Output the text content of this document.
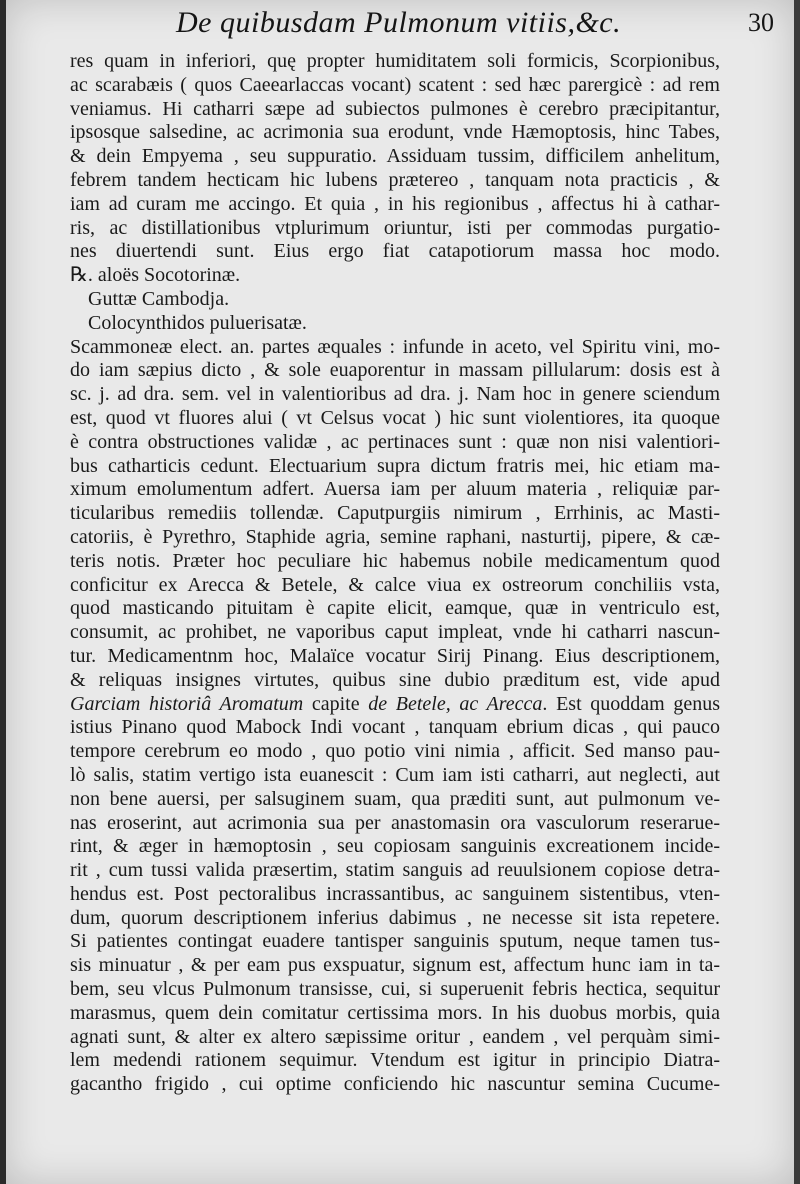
De quibusdam Pulmonum vitiis,&c.	30
res quam in inferiori, quę propter humiditatem soli formicis, Scorpionibus,
ac scarabæis ( quos Caeearlaccas vocant) scatent : sed hæc parergicè : ad rem
veniamus. Hi catharri sæpe ad subiectos pulmones è cerebro præcipitantur,
ipsosque salsedine, ac acrimonia sua erodunt, vnde Hæmoptosis, hinc Tabes,
& dein Empyema , seu suppuratio. Assiduam tussim, difficilem anhelitum,
febrem tandem hecticam hic lubens prætereo , tanquam nota practicis , &
iam ad curam me accingo. Et quia , in his regionibus , affectus hi à cathar-
ris, ac distillationibus vtplurimum oriuntur, isti per commodas purgatio-
nes diuertendi sunt. Eius ergo fiat catapotiorum massa hoc modo.
℞. aloës Socotorinæ.
Guttæ Cambodja.
Colocynthidos puluerisatæ.
Scammoneæ elect. an. partes æquales : infunde in aceto, vel Spiritu vini, mo-
do iam sæpius dicto , & sole euaporentur in massam pillularum: dosis est à
sc. j. ad dra. sem. vel in valentioribus ad dra. j. Nam hoc in genere sciendum
est, quod vt fluores alui ( vt Celsus vocat ) hic sunt violentiores, ita quoque
è contra obstructiones validæ , ac pertinaces sunt : quæ non nisi valentiori-
bus catharticis cedunt. Electuarium supra dictum fratris mei, hic etiam ma-
ximum emolumentum adfert. Auersa iam per aluum materia , reliquiæ par-
ticularibus remediis tollendæ. Caputpurgiis nimirum , Errhinis, ac Masti-
catoriis, è Pyrethro, Staphide agria, semine raphani, nasturtij, pipere, & cæ-
teris notis. Præter hoc peculiare hic habemus nobile medicamentum quod
conficitur ex Arecca & Betele, & calce viua ex ostreorum conchiliis vsta,
quod masticando pituitam è capite elicit, eamque, quæ in ventriculo est,
consumit, ac prohibet, ne vaporibus caput impleat, vnde hi catharri nascun-
tur. Medicamentnm hoc, Malaïce vocatur Sirij Pinang. Eius descriptionem,
& reliquas insignes virtutes, quibus sine dubio præditum est, vide apud
Garciam historiâ Aromatum capite de Betele, ac Arecca. Est quoddam genus
istius Pinano quod Mabock Indi vocant , tanquam ebrium dicas , qui pauco
tempore cerebrum eo modo , quo potio vini nimia , afficit. Sed manso pau-
lò salis, statim vertigo ista euanescit : Cum iam isti catharri, aut neglecti, aut
non bene auersi, per salsuginem suam, qua præditi sunt, aut pulmonum ve-
nas eroserint, aut acrimonia sua per anastomasin ora vasculorum reserarue-
rint, & æger in hæmoptosin , seu copiosam sanguinis excreationem incide-
rit , cum tussi valida præsertim, statim sanguis ad reuulsionem copiose detra-
hendus est. Post pectoralibus incrassantibus, ac sanguinem sistentibus, vten-
dum, quorum descriptionem inferius dabimus , ne necesse sit ista repetere.
Si patientes contingat euadere tantisper sanguinis sputum, neque tamen tus-
sis minuatur , & per eam pus exspuatur, signum est, affectum hunc iam in ta-
bem, seu vlcus Pulmonum transisse, cui, si superuenit febris hectica, sequitur
marasmus, quem dein comitatur certissima mors. In his duobus morbis, quia
agnati sunt, & alter ex altero sæpissime oritur , eandem , vel perquàm simi-
lem medendi rationem sequimur. Vtendum est igitur in principio Diatra-
gacantho frigido , cui optime conficiendo hic nascuntur semina Cucume-
